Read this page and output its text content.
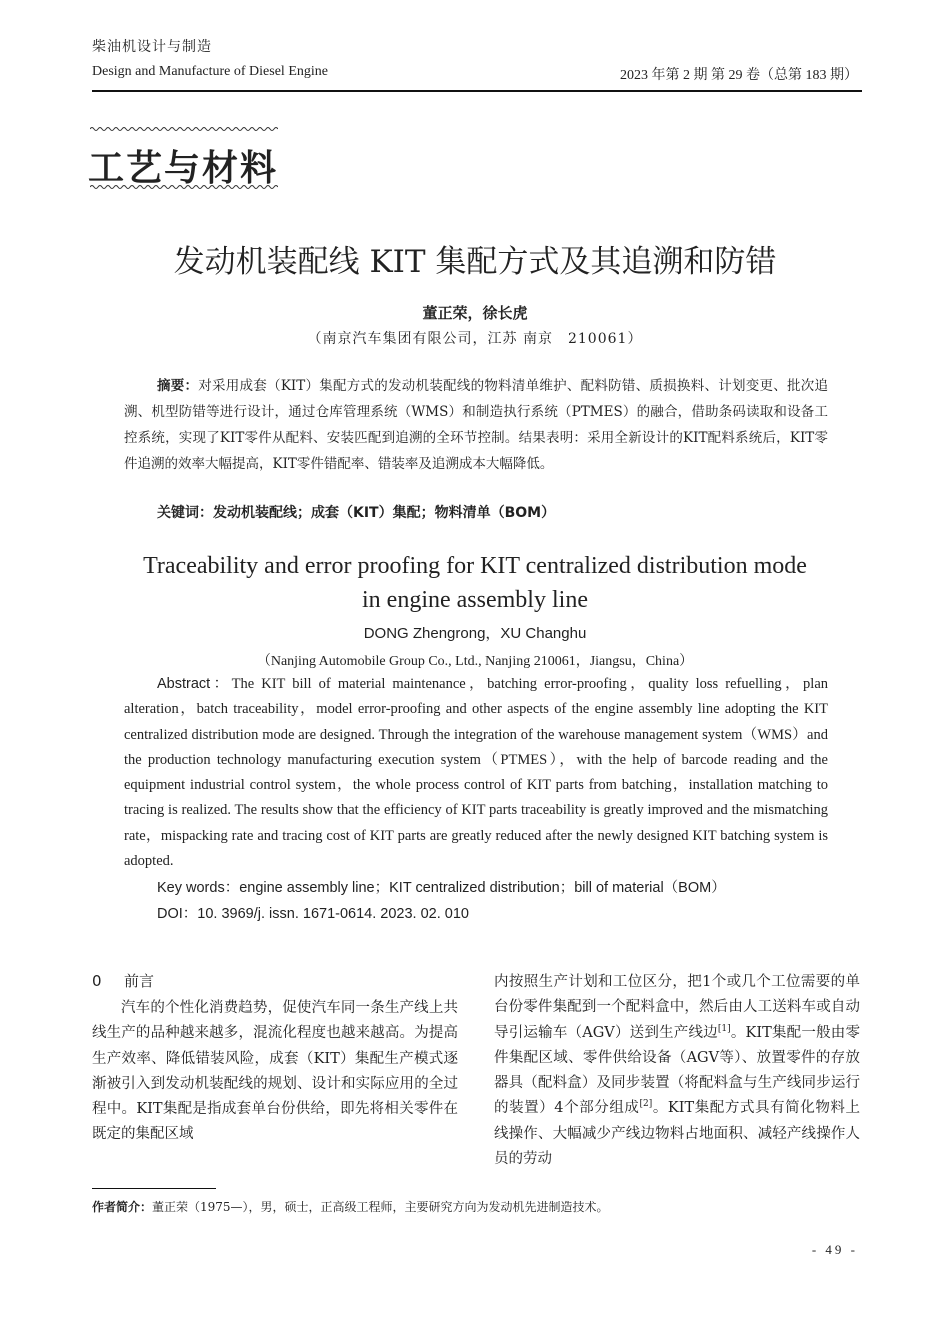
柴油机设计与制造
Design and Manufacture of Diesel Engine	2023 年第 2 期 第 29 卷（总第 183 期）
工艺与材料
发动机装配线 KIT 集配方式及其追溯和防错
董正荣，徐长虎
（南京汽车集团有限公司，江苏 南京　210061）
摘要：对采用成套（KIT）集配方式的发动机装配线的物料清单维护、配料防错、质损换料、计划变更、批次追溯、机型防错等进行设计，通过仓库管理系统（WMS）和制造执行系统（PTMES）的融合，借助条码读取和设备工控系统，实现了KIT零件从配料、安装匹配到追溯的全环节控制。结果表明：采用全新设计的KIT配料系统后，KIT零件追溯的效率大幅提高，KIT零件错配率、错装率及追溯成本大幅降低。
关键词：发动机装配线；成套（KIT）集配；物料清单（BOM）
Traceability and error proofing for KIT centralized distribution mode
in engine assembly line
DONG Zhengrong，XU Changhu
（Nanjing Automobile Group Co., Ltd., Nanjing 210061，Jiangsu，China）
Abstract：The KIT bill of material maintenance，batching error-proofing，quality loss refuelling，plan alteration，batch traceability，model error-proofing and other aspects of the engine assembly line adopting the KIT centralized distribution mode are designed. Through the integration of the warehouse management system（WMS）and the production technology manufacturing execution system（PTMES），with the help of barcode reading and the equipment industrial control system，the whole process control of KIT parts from batching，installation matching to tracing is realized. The results show that the efficiency of KIT parts traceability is greatly improved and the mismatching rate，mispacking rate and tracing cost of KIT parts are greatly reduced after the newly designed KIT batching system is adopted.
Key words：engine assembly line；KIT centralized distribution；bill of material（BOM）
DOI：10. 3969/j. issn. 1671-0614. 2023. 02. 010
0 前言

汽车的个性化消费趋势，促使汽车同一条生产线上共线生产的品种越来越多，混流化程度也越来越高。为提高生产效率、降低错装风险，成套（KIT）集配生产模式逐渐被引入到发动机装配线的规划、设计和实际应用的全过程中。KIT集配是指成套单台份供给，即先将相关零件在既定的集配区域

内按照生产计划和工位区分，把1个或几个工位需要的单台份零件集配到一个配料盒中，然后由人工送料车或自动导引运输车（AGV）送到生产线边[1]。KIT集配一般由零件集配区域、零件供给设备（AGV等）、放置零件的存放器具（配料盒）及同步装置（将配料盒与生产线同步运行的装置）4个部分组成[2]。KIT集配方式具有简化物料上线操作、大幅减少产线边物料占地面积、减轻产线操作人员的劳动

作者简介：董正荣（1975—），男，硕士，正高级工程师，主要研究方向为发动机先进制造技术。
- 49 -
